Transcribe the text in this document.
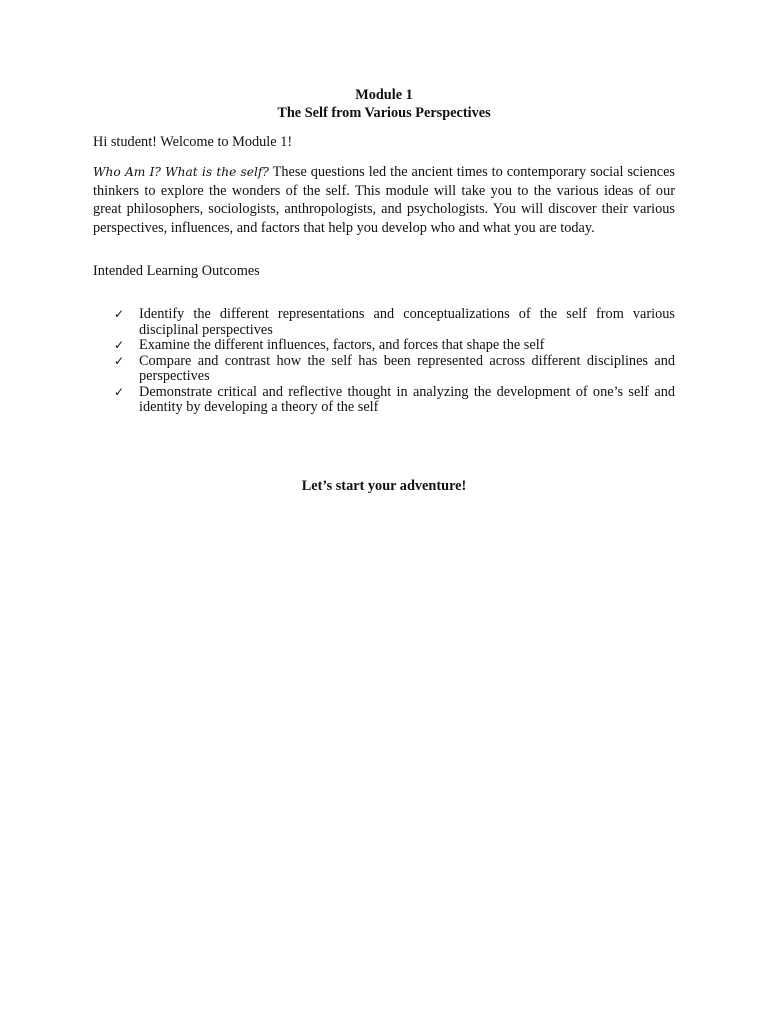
Module 1
The Self from Various Perspectives
Hi student! Welcome to Module 1!
Who Am I? What is the self? These questions led the ancient times to contemporary social sciences thinkers to explore the wonders of the self. This module will take you to the various ideas of our great philosophers, sociologists, anthropologists, and psychologists. You will discover their various perspectives, influences, and factors that help you develop who and what you are today.
Intended Learning Outcomes
✓ Identify the different representations and conceptualizations of the self from various disciplinal perspectives
✓ Examine the different influences, factors, and forces that shape the self
✓ Compare and contrast how the self has been represented across different disciplines and perspectives
✓ Demonstrate critical and reflective thought in analyzing the development of one’s self and identity by developing a theory of the self
Let’s start your adventure!
